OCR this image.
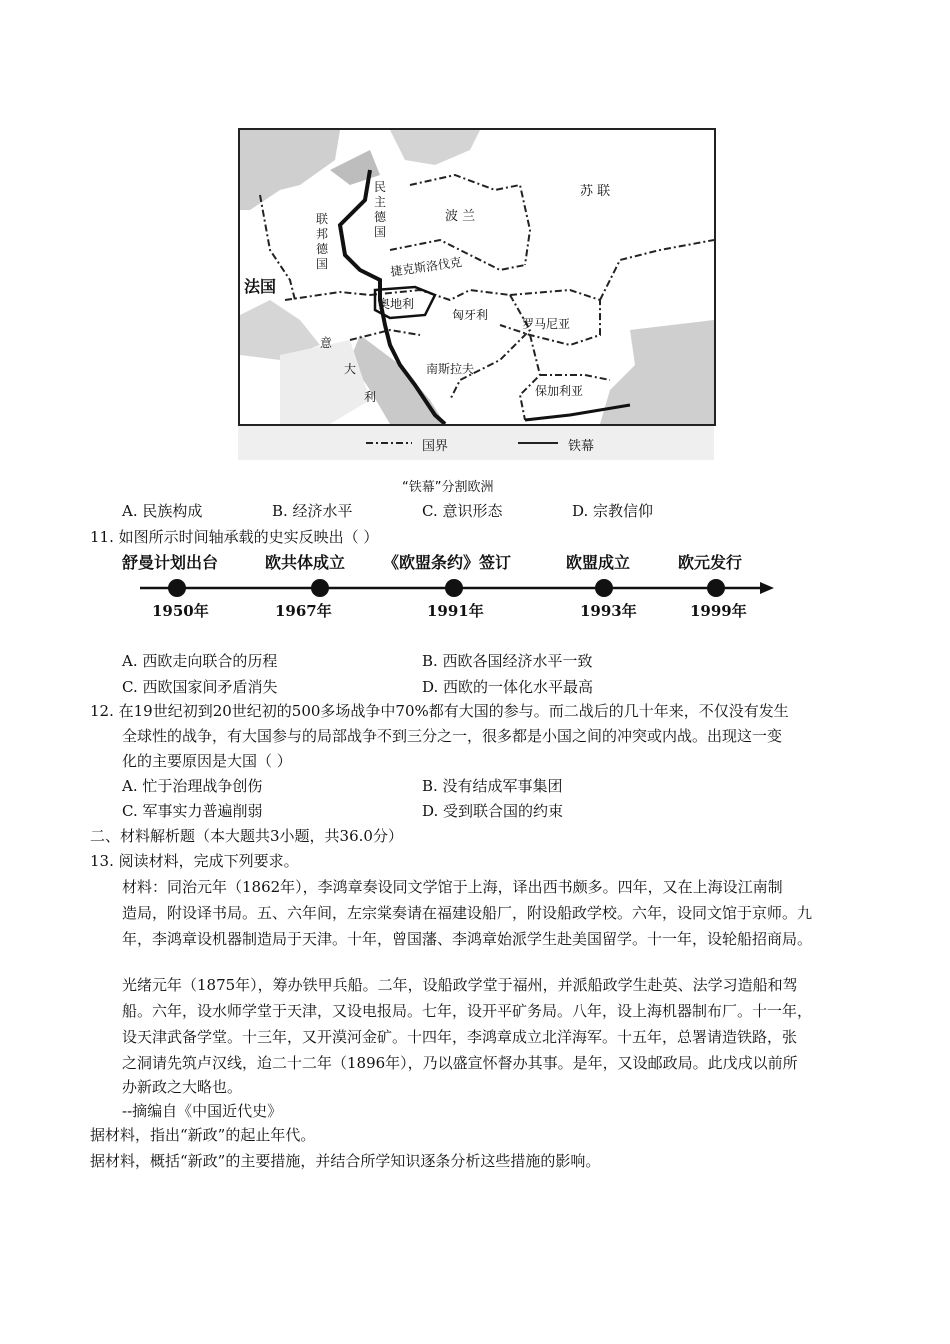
苏 联
民主德国
联邦德国
法国
波 兰
捷克斯洛伐克
奥地利
匈牙利
罗马尼亚
意
大
利
南斯拉夫
保加利亚
国界	铁幕
“铁幕”分割欧洲
A. 民族构成	B. 经济水平	C. 意识形态	D. 宗教信仰
11. 如图所示时间轴承载的史实反映出（ ）
舒曼计划出台	欧共体成立 《欧盟条约》签订	欧盟成立	欧元发行
1950年	1967年	1991年	1993年	1999年
A. 西欧走向联合的历程	B. 西欧各国经济水平一致
C. 西欧国家间矛盾消失	D. 西欧的一体化水平最高
12. 在19世纪初到20世纪初的500多场战争中70%都有大国的参与。而二战后的几十年来，不仅没有发生
全球性的战争，有大国参与的局部战争不到三分之一，很多都是小国之间的冲突或内战。出现这一变
化的主要原因是大国（ ）
A. 忙于治理战争创伤	B. 没有结成军事集团
C. 军事实力普遍削弱	D. 受到联合国的约束
二、材料解析题（本大题共3小题，共36.0分）
13. 阅读材料，完成下列要求。
材料：同治元年（1862年），李鸿章奏设同文学馆于上海，译出西书颇多。四年，又在上海设江南制
造局，附设译书局。五、六年间，左宗棠奏请在福建设船厂，附设船政学校。六年，设同文馆于京师。九
年，李鸿章设机器制造局于天津。十年，曾国藩、李鸿章始派学生赴美国留学。十一年，设轮船招商局。
光绪元年（1875年），筹办铁甲兵船。二年，设船政学堂于福州，并派船政学生赴英、法学习造船和驾
船。六年，设水师学堂于天津，又设电报局。七年，设开平矿务局。八年，设上海机器制布厂。十一年，
设天津武备学堂。十三年，又开漠河金矿。十四年，李鸿章成立北洋海军。十五年，总署请造铁路，张
之洞请先筑卢汉线，迨二十二年（1896年），乃以盛宣怀督办其事。是年，又设邮政局。此戊戌以前所
办新政之大略也。
--摘编自《中国近代史》
据材料，指出“新政”的起止年代。
据材料，概括“新政”的主要措施，并结合所学知识逐条分析这些措施的影响。
